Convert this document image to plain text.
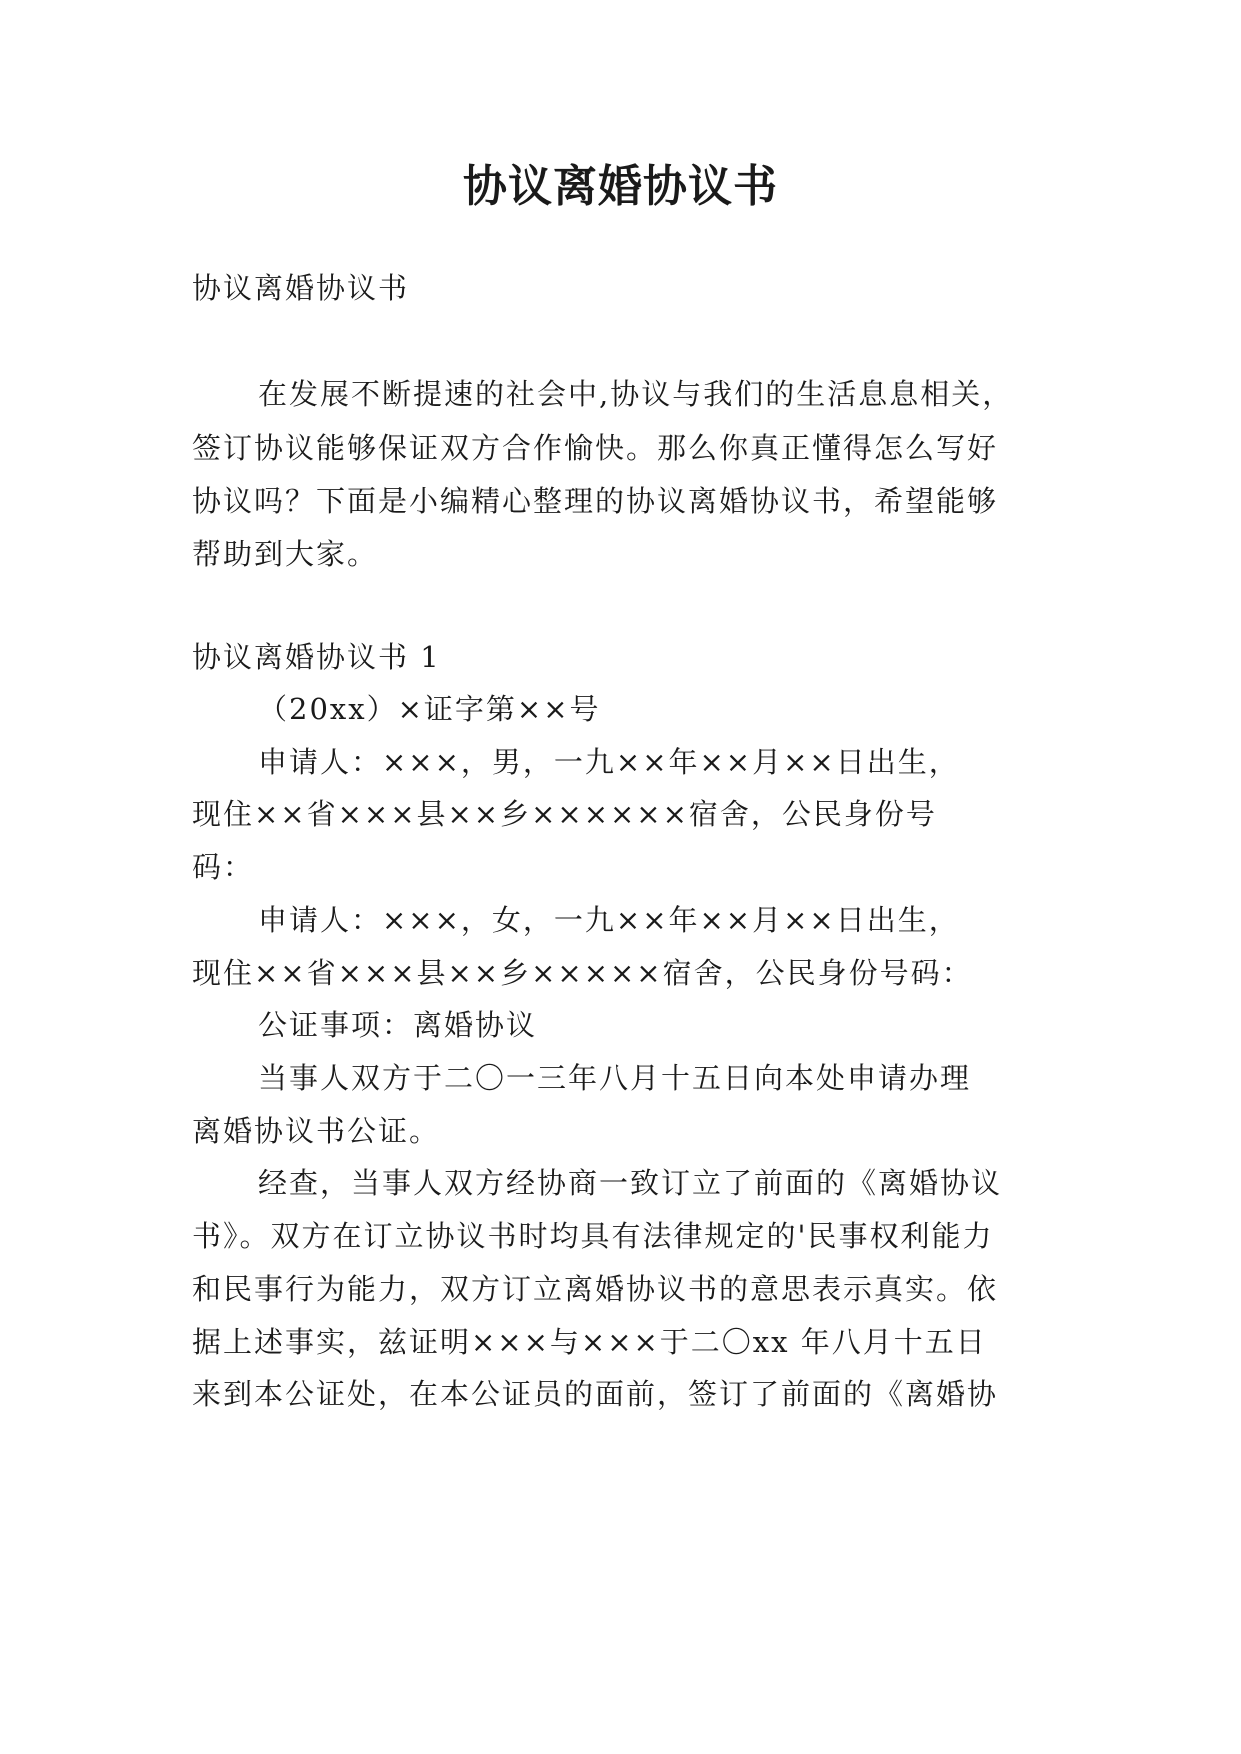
协议离婚协议书
协议离婚协议书
在发展不断提速的社会中,协议与我们的生活息息相关，
签订协议能够保证双方合作愉快。那么你真正懂得怎么写好
协议吗？下面是小编精心整理的协议离婚协议书，希望能够
帮助到大家。
协议离婚协议书 1
（20xx）×证字第××号
申请人：×××，男，一九××年××月××日出生，
现住××省×××县××乡××××××宿舍，公民身份号
码：
申请人：×××，女，一九××年××月××日出生，
现住××省×××县××乡×××××宿舍，公民身份号码：
公证事项：离婚协议
当事人双方于二〇一三年八月十五日向本处申请办理
离婚协议书公证。
经查，当事人双方经协商一致订立了前面的《离婚协议
书》。双方在订立协议书时均具有法律规定的'民事权利能力
和民事行为能力，双方订立离婚协议书的意思表示真实。依
据上述事实，兹证明×××与×××于二〇xx 年八月十五日
来到本公证处，在本公证员的面前，签订了前面的《离婚协
